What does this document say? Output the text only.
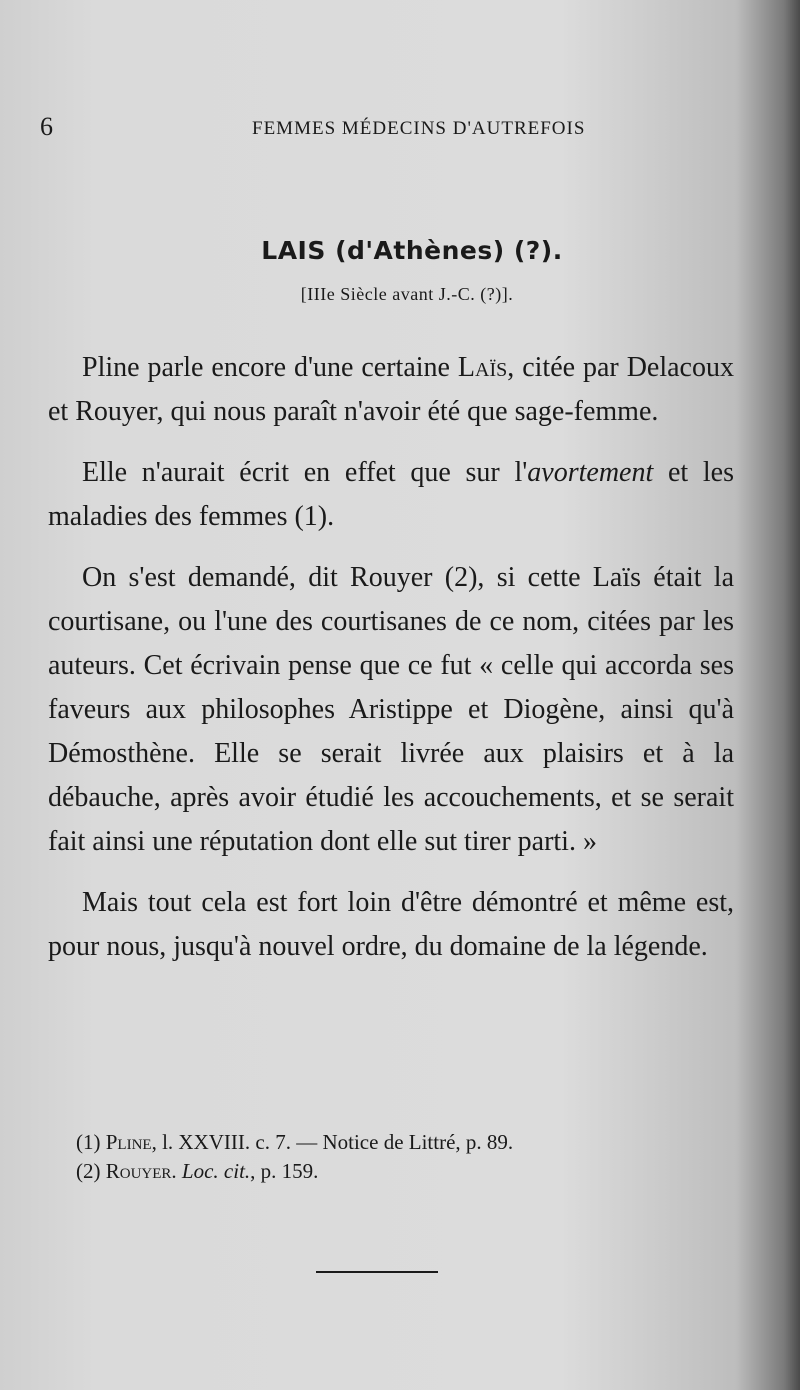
6	FEMMES MÉDECINS D'AUTREFOIS
LAIS (d'Athènes) (?).
[IIIe Siècle avant J.-C. (?)].

Pline parle encore d'une certaine Laïs, citée par Delacoux et Rouyer, qui nous paraît n'avoir été que sage-femme.

Elle n'aurait écrit en effet que sur l'avortement et les maladies des femmes (1).

On s'est demandé, dit Rouyer (2), si cette Laïs était la courtisane, ou l'une des courtisanes de ce nom, citées par les auteurs. Cet écrivain pense que ce fut « celle qui accorda ses faveurs aux philosophes Aristippe et Diogène, ainsi qu'à Démosthène. Elle se serait livrée aux plaisirs et à la débauche, après avoir étudié les accouchements, et se serait fait ainsi une réputation dont elle sut tirer parti. »

Mais tout cela est fort loin d'être démontré et même est, pour nous, jusqu'à nouvel ordre, du domaine de la légende.

(1) Pline, l. XXVIII. c. 7. — Notice de Littré, p. 89.

(2) Rouyer. Loc. cit., p. 159.
